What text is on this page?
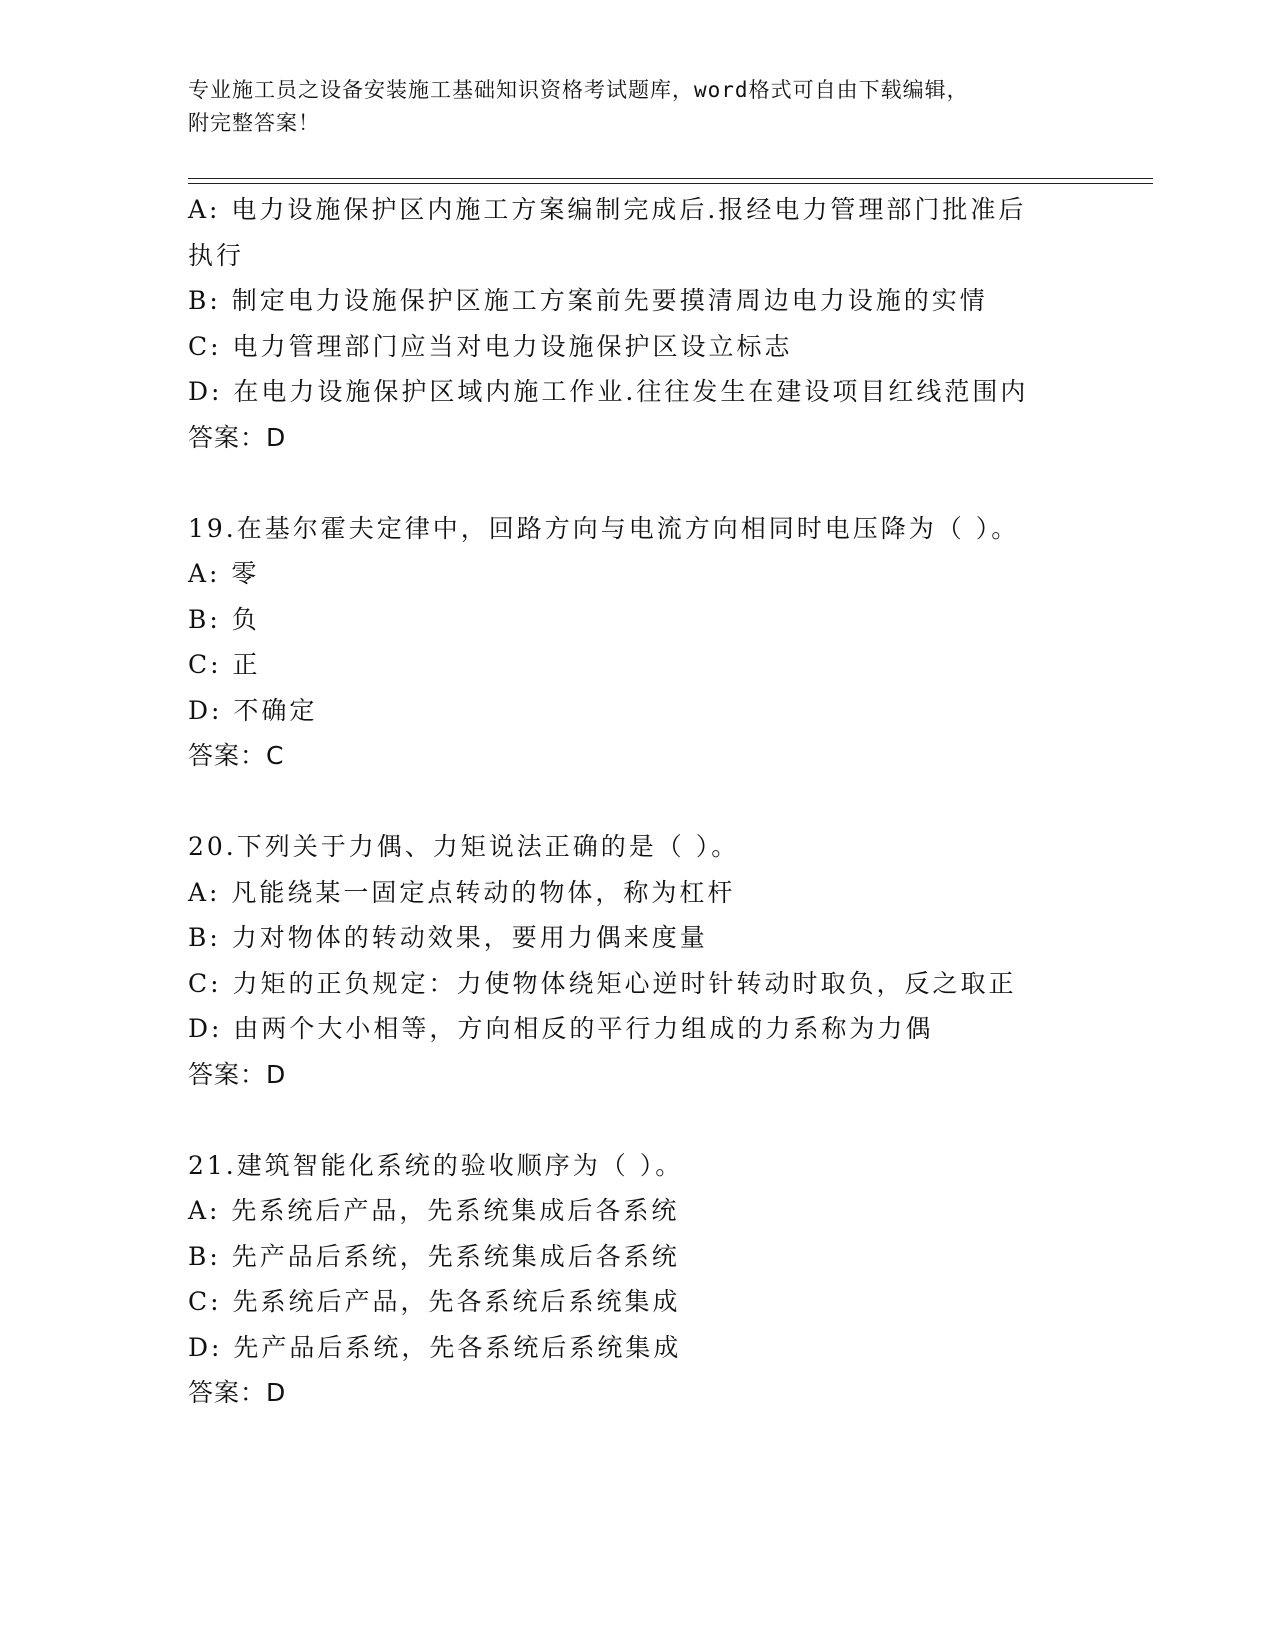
专业施工员之设备安装施工基础知识资格考试题库，word格式可自由下载编辑，
附完整答案！
A: 电力设施保护区内施工方案编制完成后.报经电力管理部门批准后
执行
B: 制定电力设施保护区施工方案前先要摸清周边电力设施的实情
C: 电力管理部门应当对电力设施保护区设立标志
D: 在电力设施保护区域内施工作业.往往发生在建设项目红线范围内
答案：D
19.在基尔霍夫定律中，回路方向与电流方向相同时电压降为（ ）。
A: 零
B: 负
C: 正
D: 不确定
答案：C
20.下列关于力偶、力矩说法正确的是（ ）。
A: 凡能绕某一固定点转动的物体，称为杠杆
B: 力对物体的转动效果，要用力偶来度量
C: 力矩的正负规定：力使物体绕矩心逆时针转动时取负，反之取正
D: 由两个大小相等，方向相反的平行力组成的力系称为力偶
答案：D
21.建筑智能化系统的验收顺序为（ ）。
A: 先系统后产品，先系统集成后各系统
B: 先产品后系统，先系统集成后各系统
C: 先系统后产品，先各系统后系统集成
D: 先产品后系统，先各系统后系统集成
答案：D
